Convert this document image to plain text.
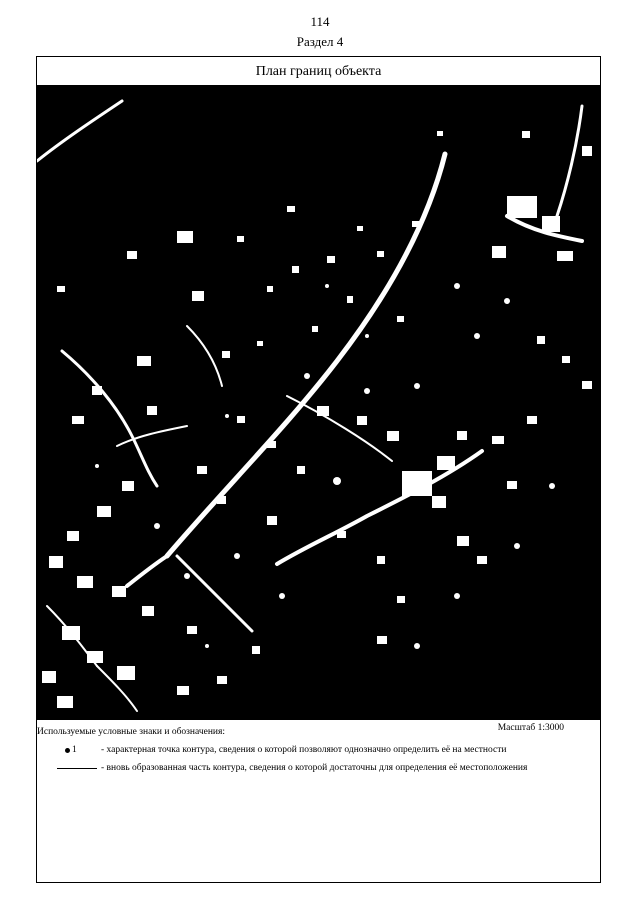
114
Раздел 4
План границ объекта
Используемые условные знаки и обозначения:	Масштаб 1:3000
1	- характерная точка контура, сведения о которой позволяют однозначно определить её на местности
- вновь образованная часть контура, сведения о которой достаточны для определения её местоположения
